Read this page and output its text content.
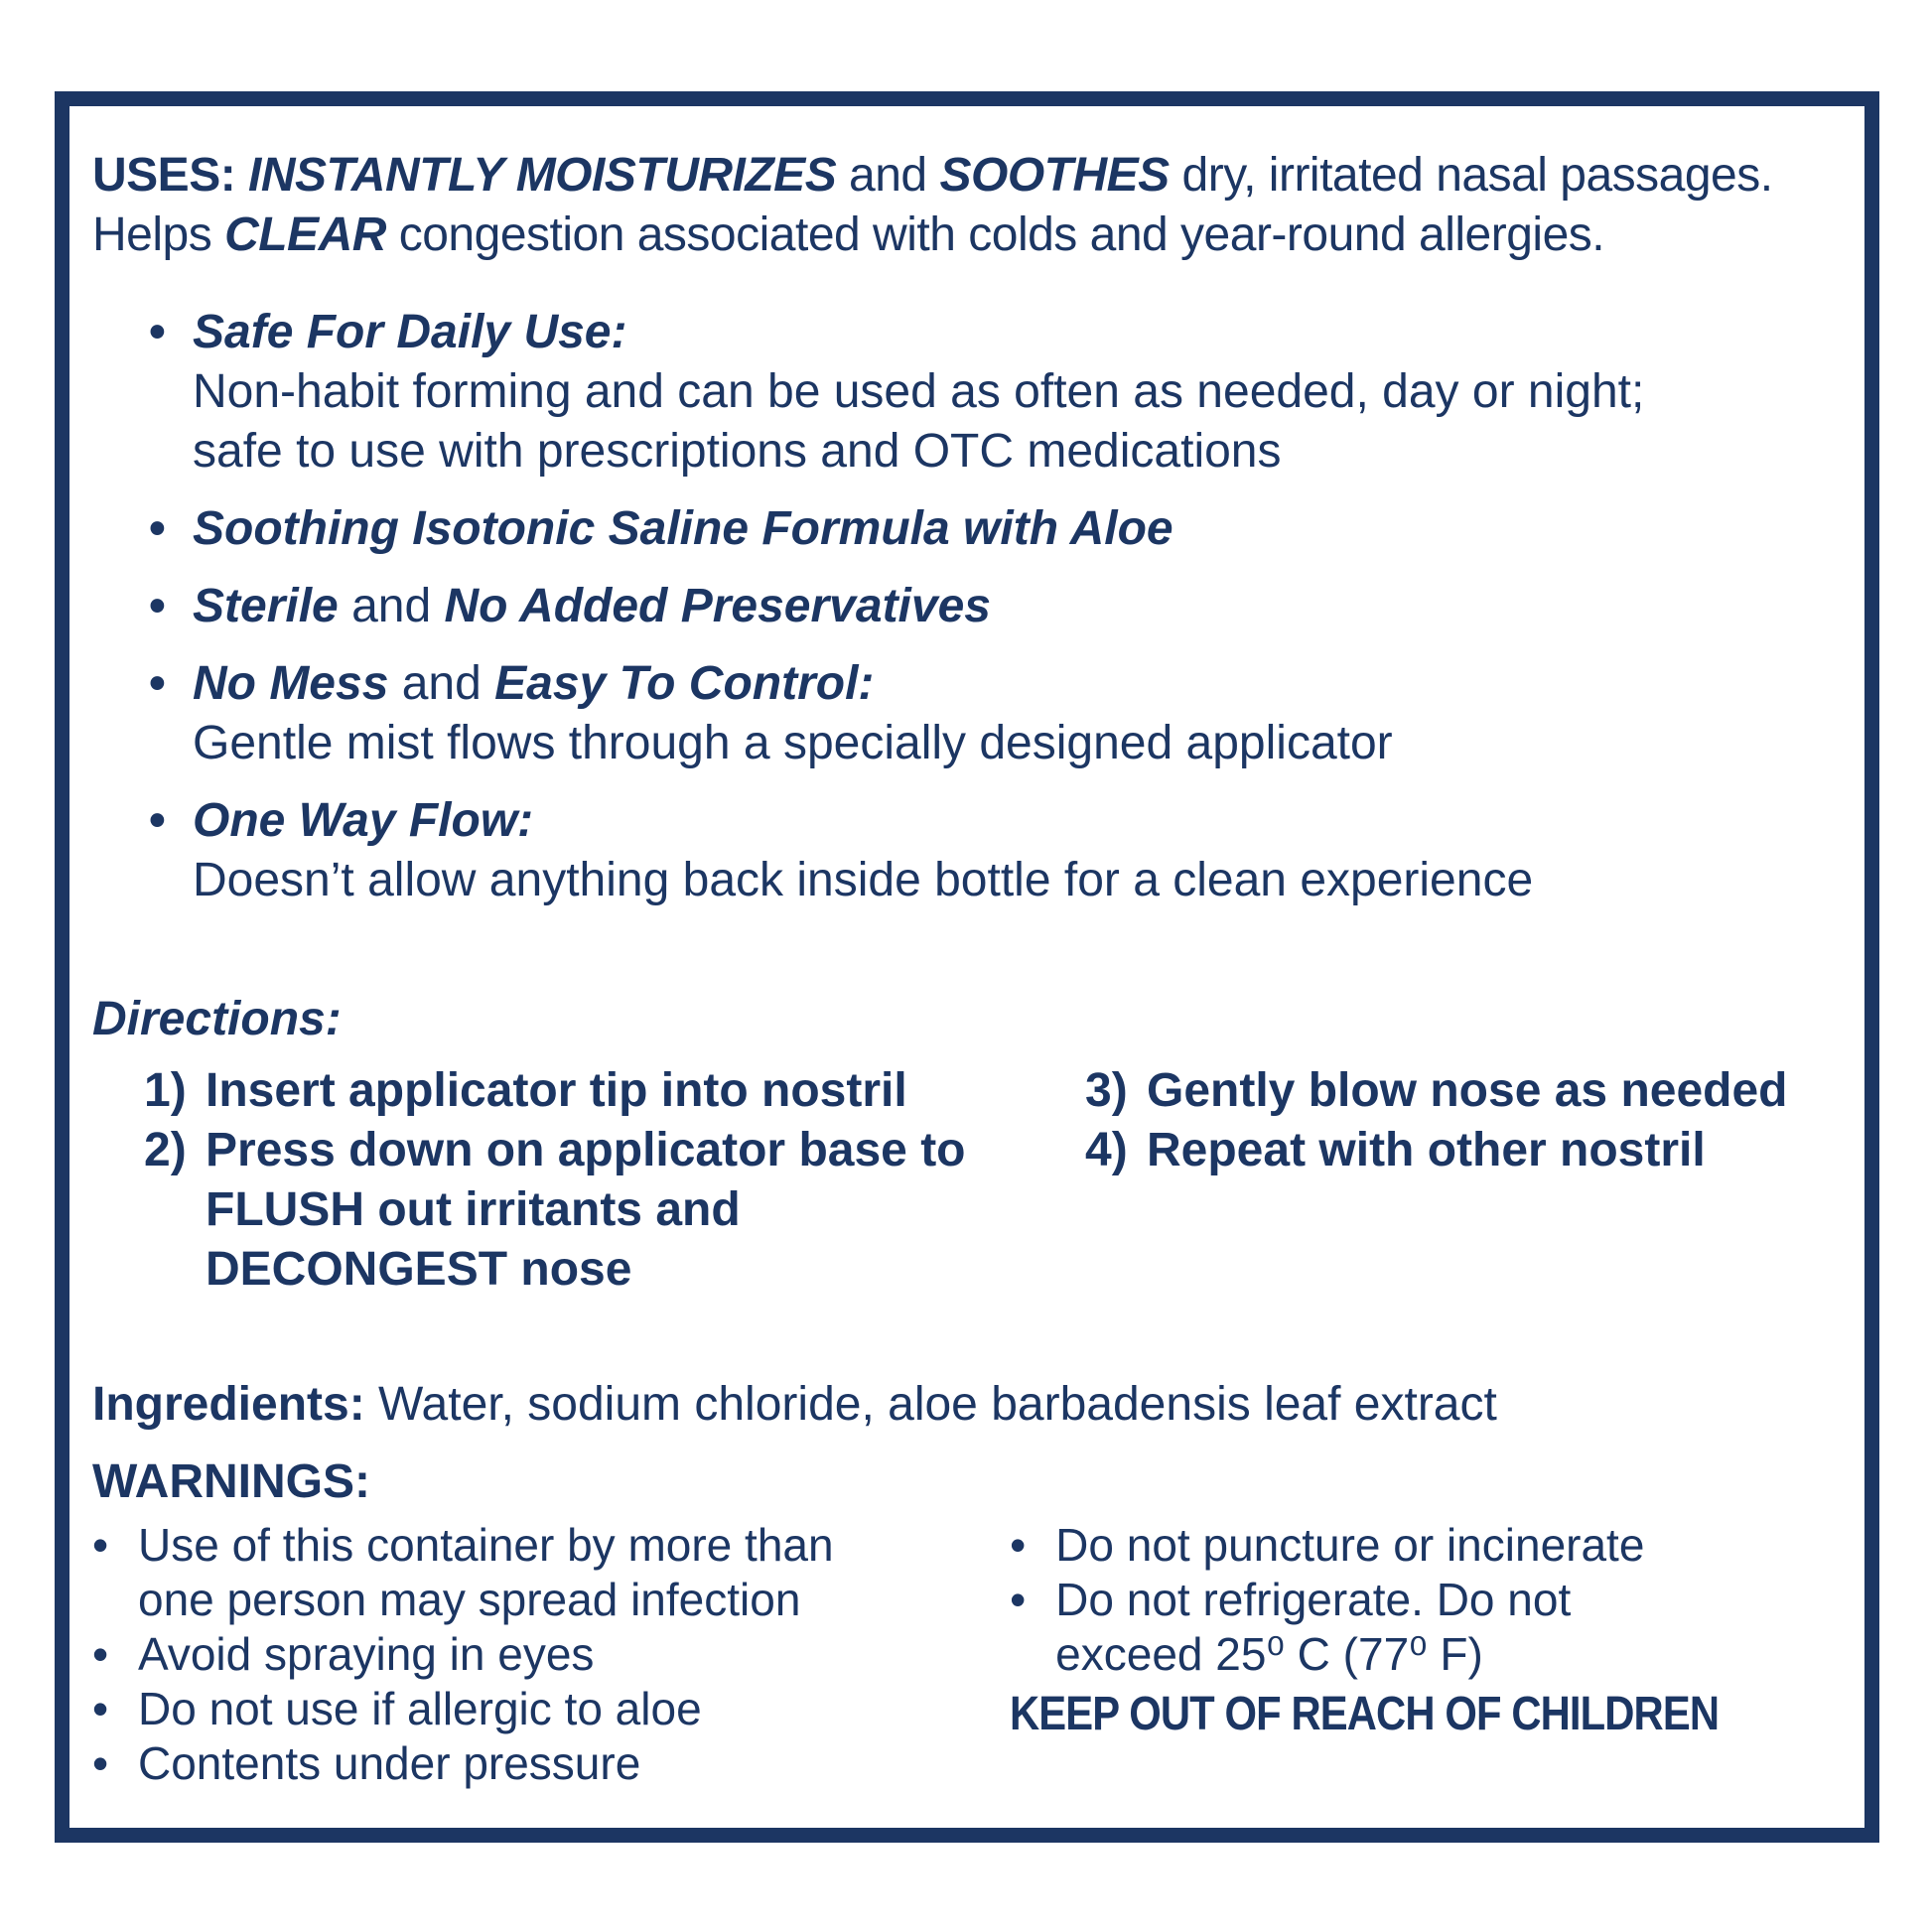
USES: INSTANTLY MOISTURIZES and SOOTHES dry, irritated nasal passages.
Helps CLEAR congestion associated with colds and year-round allergies.
• Safe For Daily Use:
Non-habit forming and can be used as often as needed, day or night;
safe to use with prescriptions and OTC medications
• Soothing Isotonic Saline Formula with Aloe
• Sterile and No Added Preservatives
• No Mess and Easy To Control:
Gentle mist flows through a specially designed applicator
• One Way Flow:
Doesn’t allow anything back inside bottle for a clean experience
Directions:
1) Insert applicator tip into nostril
2) Press down on applicator base to
FLUSH out irritants and
DECONGEST nose
3) Gently blow nose as needed
4) Repeat with other nostril

Ingredients: Water, sodium chloride, aloe barbadensis leaf extract

WARNINGS:
• Use of this container by more than
one person may spread infection
• Avoid spraying in eyes
• Do not use if allergic to aloe
• Contents under pressure
• Do not puncture or incinerate
• Do not refrigerate. Do not
exceed 25⁰ C (77⁰ F)
KEEP OUT OF REACH OF CHILDREN
